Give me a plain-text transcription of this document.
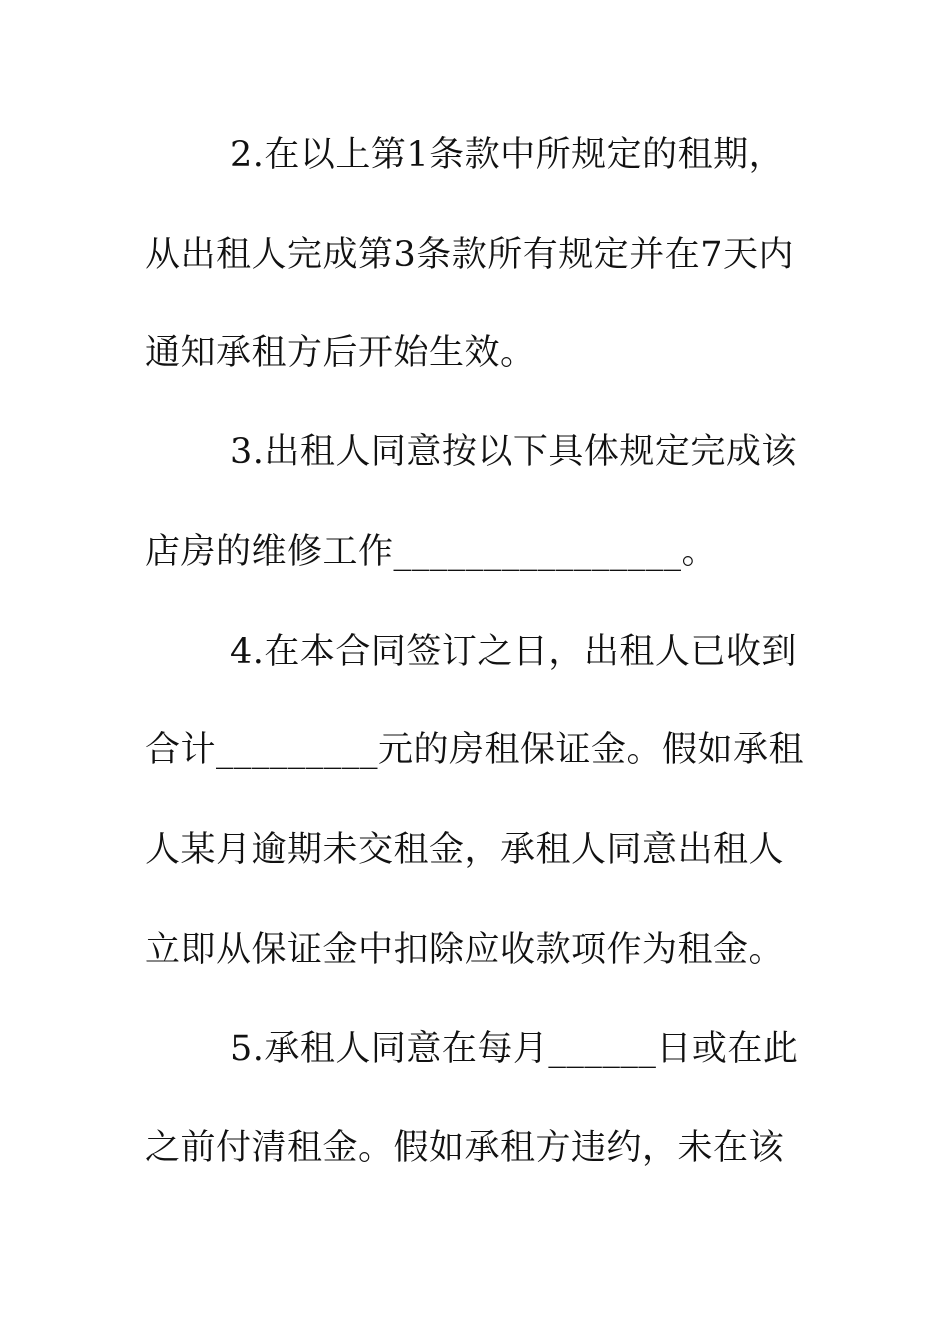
2.在以上第1条款中所规定的租期，
从出租人完成第3条款所有规定并在7天内
通知承租方后开始生效。
3.出租人同意按以下具体规定完成该
店房的维修工作________________。
4.在本合同签订之日，出租人已收到
合计_________元的房租保证金。假如承租
人某月逾期未交租金，承租人同意出租人
立即从保证金中扣除应收款项作为租金。
5.承租人同意在每月______日或在此
之前付清租金。假如承租方违约，未在该
